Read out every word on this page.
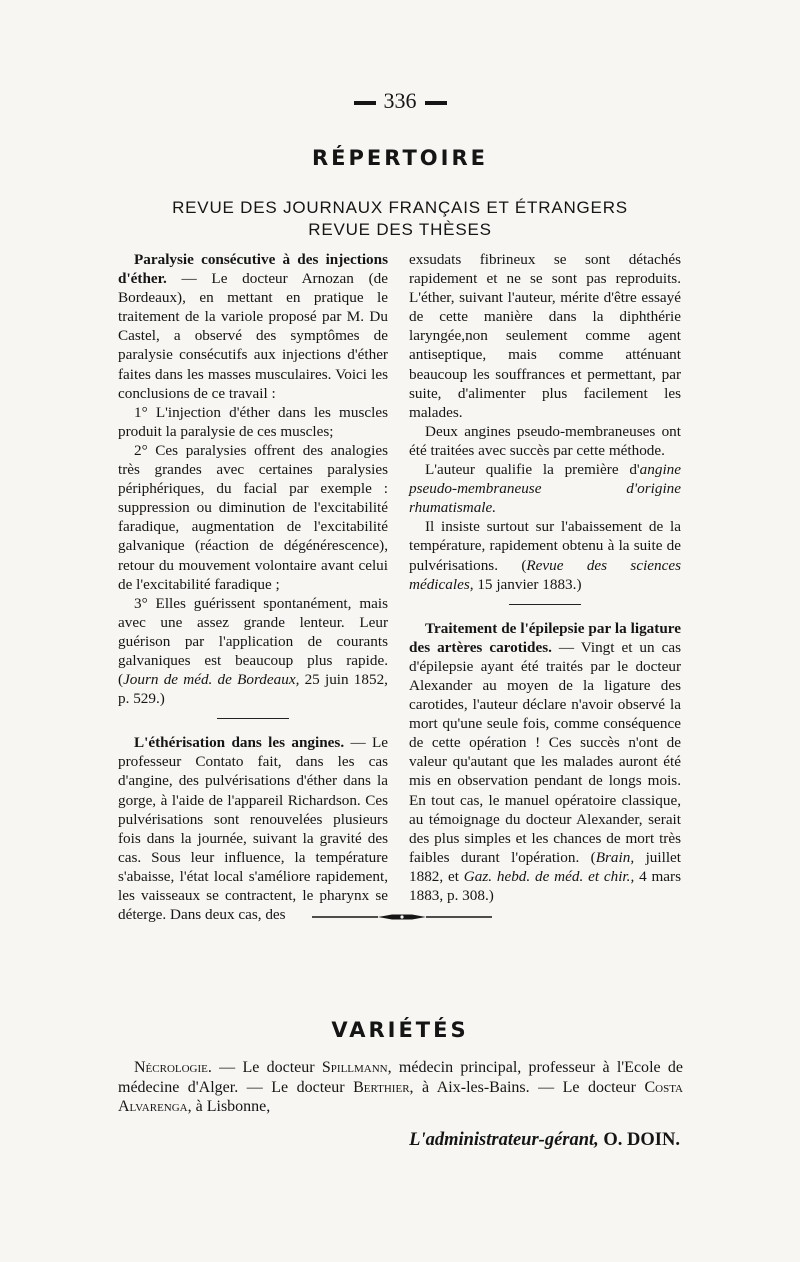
336
RÉPERTOIRE
REVUE DES JOURNAUX FRANÇAIS ET ÉTRANGERS
REVUE DES THÈSES

Paralysie consécutive à des injections d'éther. — Le docteur Arnozan (de Bordeaux), en mettant en pratique le traitement de la variole proposé par M. Du Castel, a observé des symptômes de paralysie consécutifs aux injections d'éther faites dans les masses musculaires. Voici les conclusions de ce travail :

1° L'injection d'éther dans les muscles produit la paralysie de ces muscles;

2° Ces paralysies offrent des analogies très grandes avec certaines paralysies périphériques, du facial par exemple : suppression ou diminution de l'excitabilité faradique, augmentation de l'excitabilité galvanique (réaction de dégénérescence), retour du mouvement volontaire avant celui de l'excitabilité faradique ;

3° Elles guérissent spontanément, mais avec une assez grande lenteur. Leur guérison par l'application de courants galvaniques est beaucoup plus rapide. (Journ de méd. de Bordeaux, 25 juin 1852, p. 529.)

L'éthérisation dans les angines. — Le professeur Contato fait, dans les cas d'angine, des pulvérisations d'éther dans la gorge, à l'aide de l'appareil Richardson. Ces pulvérisations sont renouvelées plusieurs fois dans la journée, suivant la gravité des cas. Sous leur influence, la température s'abaisse, l'état local s'améliore rapidement, les vaisseaux se contractent, le pharynx se déterge. Dans deux cas, des

exsudats fibrineux se sont détachés rapidement et ne se sont pas reproduits. L'éther, suivant l'auteur, mérite d'être essayé de cette manière dans la diphthérie laryngée,non seulement comme agent antiseptique, mais comme atténuant beaucoup les souffrances et permettant, par suite, d'alimenter plus facilement les malades.

Deux angines pseudo-membraneuses ont été traitées avec succès par cette méthode.

L'auteur qualifie la première d'angine pseudo-membraneuse d'origine rhumatismale.

Il insiste surtout sur l'abaissement de la température, rapidement obtenu à la suite de pulvérisations. (Revue des sciences médicales, 15 janvier 1883.)

Traitement de l'épilepsie par la ligature des artères carotides. — Vingt et un cas d'épilepsie ayant été traités par le docteur Alexander au moyen de la ligature des carotides, l'auteur déclare n'avoir observé la mort qu'une seule fois, comme conséquence de cette opération ! Ces succès n'ont de valeur qu'autant que les malades auront été mis en observation pendant de longs mois. En tout cas, le manuel opératoire classique, au témoignage du docteur Alexander, serait des plus simples et les chances de mort très faibles durant l'opération. (Brain, juillet 1882, et Gaz. hebd. de méd. et chir., 4 mars 1883, p. 308.)

VARIÉTÉS

Nécrologie. — Le docteur Spillmann, médecin principal, professeur à l'Ecole de médecine d'Alger. — Le docteur Berthier, à Aix-les-Bains. — Le docteur Costa Alvarenga, à Lisbonne,

L'administrateur-gérant, O. DOIN.
